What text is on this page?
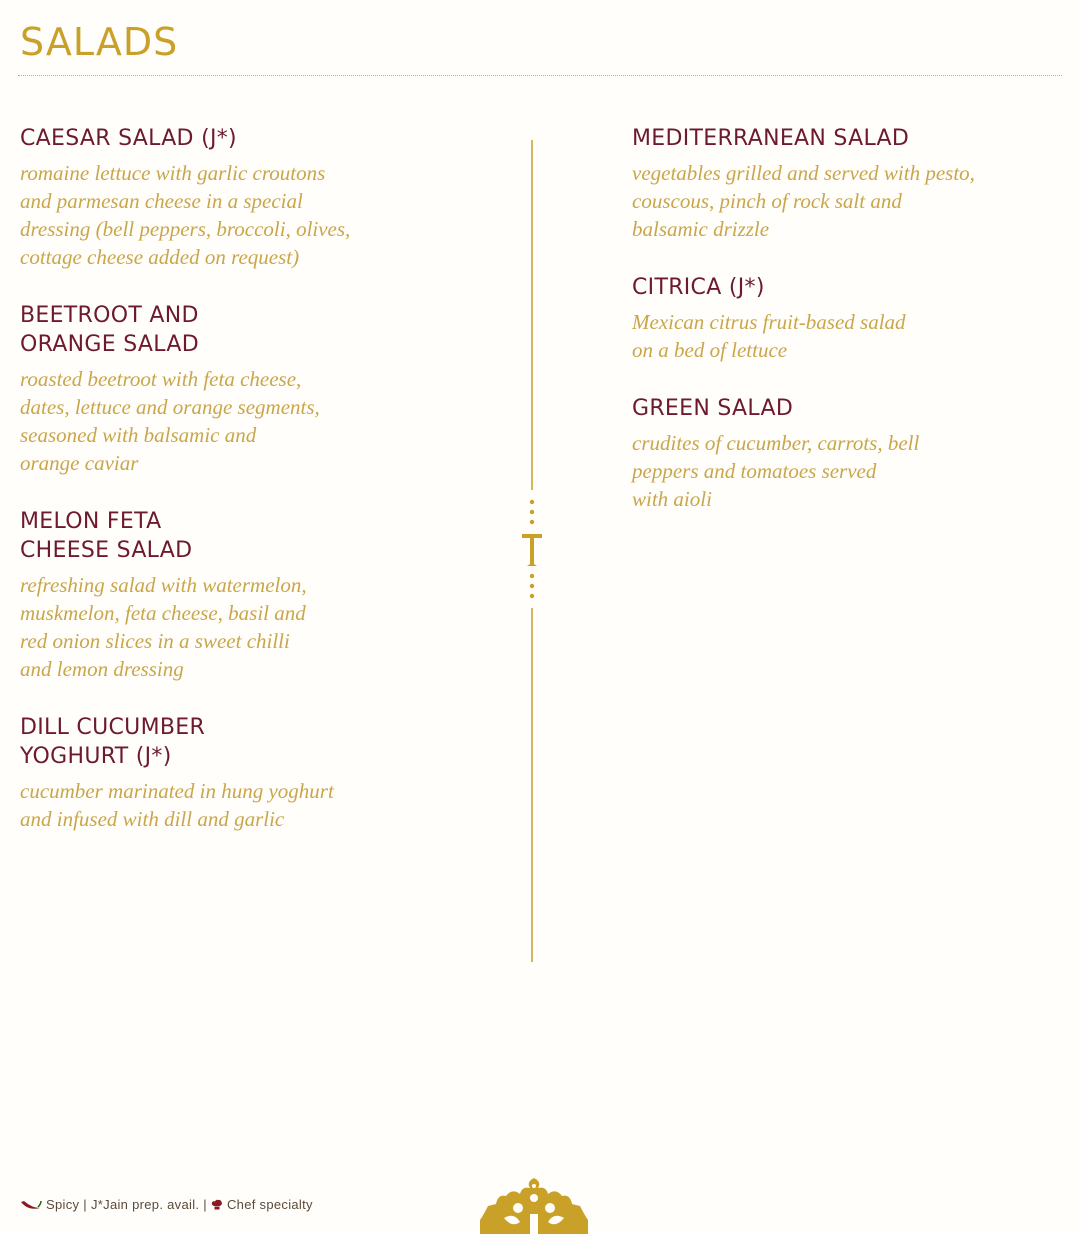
SALADS
CAESAR SALAD (J*)
romaine lettuce with garlic croutons
and parmesan cheese in a special
dressing (bell peppers, broccoli, olives,
cottage cheese added on request)
BEETROOT AND
ORANGE SALAD
roasted beetroot with feta cheese,
dates, lettuce and orange segments,
seasoned with balsamic and
orange caviar
MELON FETA
CHEESE SALAD
refreshing salad with watermelon,
muskmelon, feta cheese, basil and
red onion slices in a sweet chilli
and lemon dressing
DILL CUCUMBER
YOGHURT (J*)
cucumber marinated in hung yoghurt
and infused with dill and garlic
MEDITERRANEAN SALAD
vegetables grilled and served with pesto,
couscous, pinch of rock salt and
balsamic drizzle
CITRICA (J*)
Mexican citrus fruit-based salad
on a bed of lettuce
GREEN SALAD
crudites of cucumber, carrots, bell
peppers and tomatoes served
with aioli
Spicy | J*Jain prep. avail. | Chef specialty
